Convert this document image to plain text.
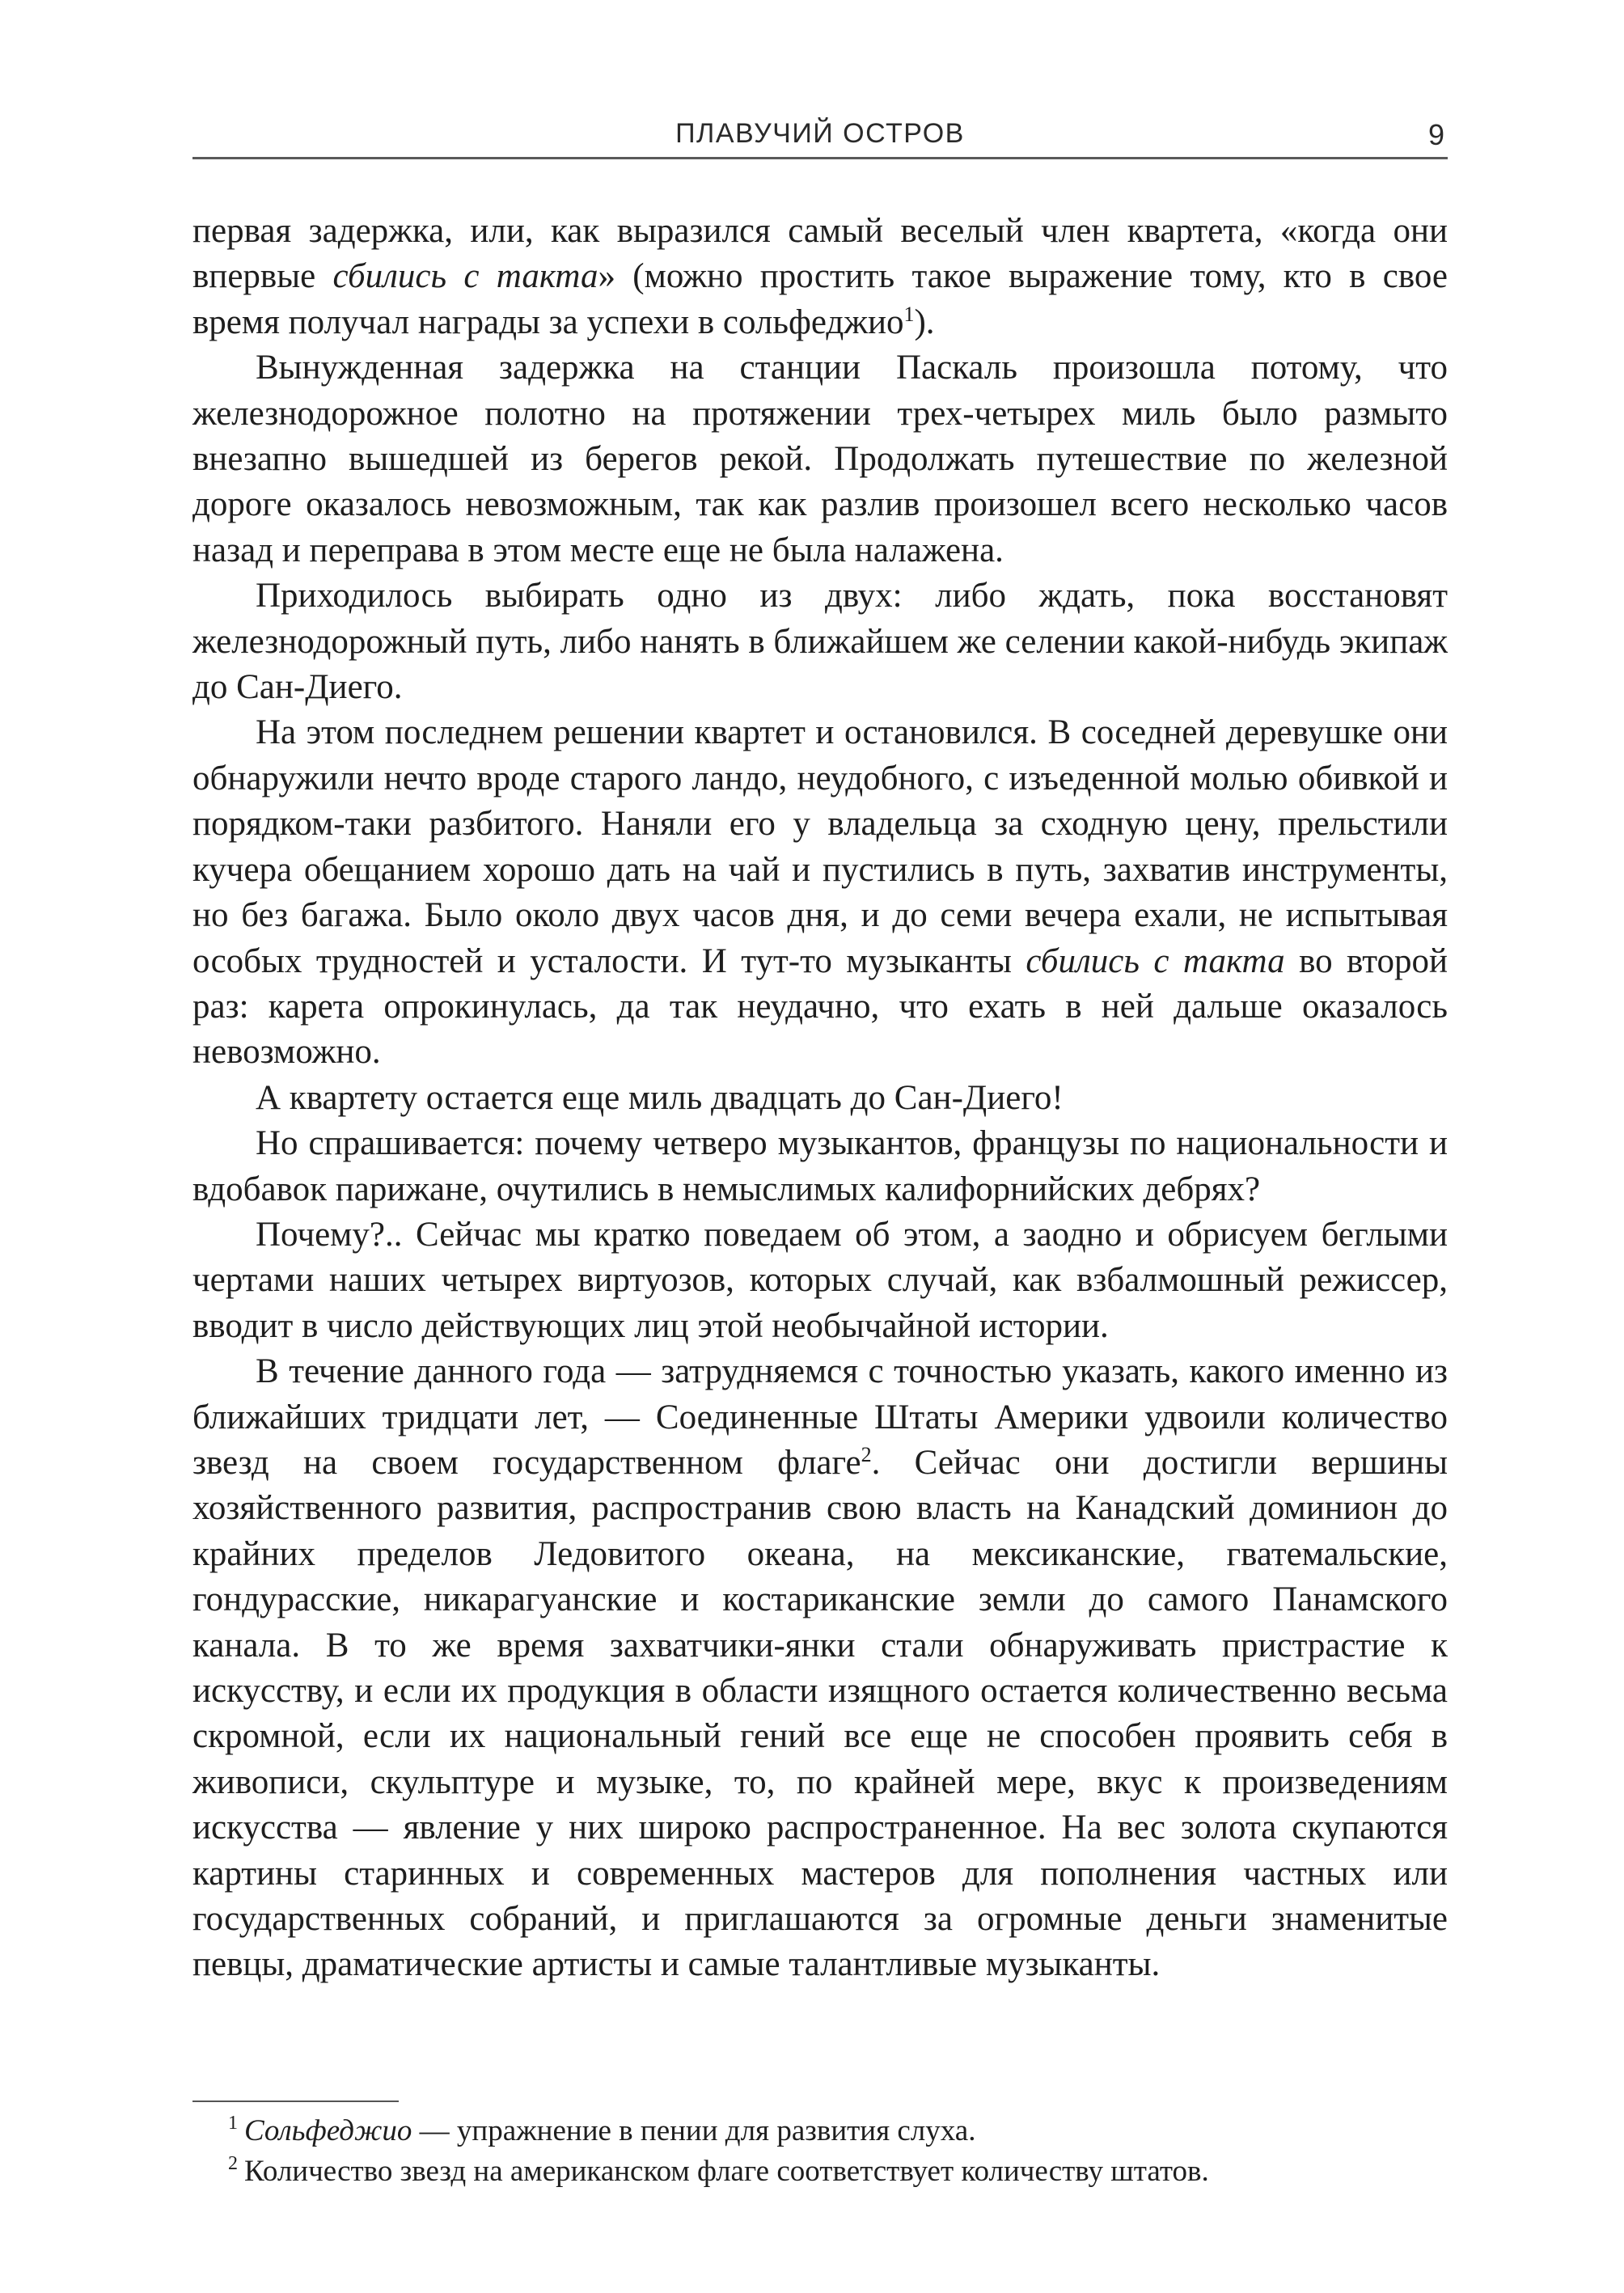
ПЛАВУЧИЙ ОСТРОВ	9

первая задержка, или, как выразился самый веселый член квартета, «когда они впервые сбились с такта» (можно простить такое выражение тому, кто в свое время получал награды за успехи в сольфеджио$^1$).

Вынужденная задержка на станции Паскаль произошла потому, что железнодорожное полотно на протяжении трех-четырех миль было размыто внезапно вышедшей из берегов рекой. Продолжать путешествие по железной дороге оказалось невозможным, так как разлив произошел всего несколько часов назад и переправа в этом месте еще не была налажена.

Приходилось выбирать одно из двух: либо ждать, пока восстановят железнодорожный путь, либо нанять в ближайшем же селении какой-нибудь экипаж до Сан-Диего.

На этом последнем решении квартет и остановился. В соседней деревушке они обнаружили нечто вроде старого ландо, неудобного, с изъеденной молью обивкой и порядком-таки разбитого. Наняли его у владельца за сходную цену, прельстили кучера обещанием хорошо дать на чай и пустились в путь, захватив инструменты, но без багажа. Было около двух часов дня, и до семи вечера ехали, не испытывая особых трудностей и усталости. И тут-то музыканты сбились с такта во второй раз: карета опрокинулась, да так неудачно, что ехать в ней дальше оказалось невозможно.

А квартету остается еще миль двадцать до Сан-Диего!

Но спрашивается: почему четверо музыкантов, французы по национальности и вдобавок парижане, очутились в немыслимых калифорнийских дебрях?

Почему?.. Сейчас мы кратко поведаем об этом, а заодно и обрисуем беглыми чертами наших четырех виртуозов, которых случай, как взбалмошный режиссер, вводит в число действующих лиц этой необычайной истории.

В течение данного года — затрудняемся с точностью указать, какого именно из ближайших тридцати лет, — Соединенные Штаты Америки удвоили количество звезд на своем государственном флаге$^2$. Сейчас они достигли вершины хозяйственного развития, распространив свою власть на Канадский доминион до крайних пределов Ледовитого океана, на мексиканские, гватемальские, гондурасские, никарагуанские и костариканские земли до самого Панамского канала. В то же время захватчики-янки стали обнаруживать пристрастие к искусству, и если их продукция в области изящного остается количественно весьма скромной, если их национальный гений все еще не способен проявить себя в живописи, скульптуре и музыке, то, по крайней мере, вкус к произведениям искусства — явление у них широко распространенное. На вес золота скупаются картины старинных и современных мастеров для пополнения частных или государственных собраний, и приглашаются за огромные деньги знаменитые певцы, драматические артисты и самые талантливые музыканты.

$^1$ Сольфеджио — упражнение в пении для развития слуха.
$^2$ Количество звезд на американском флаге соответствует количеству штатов.
